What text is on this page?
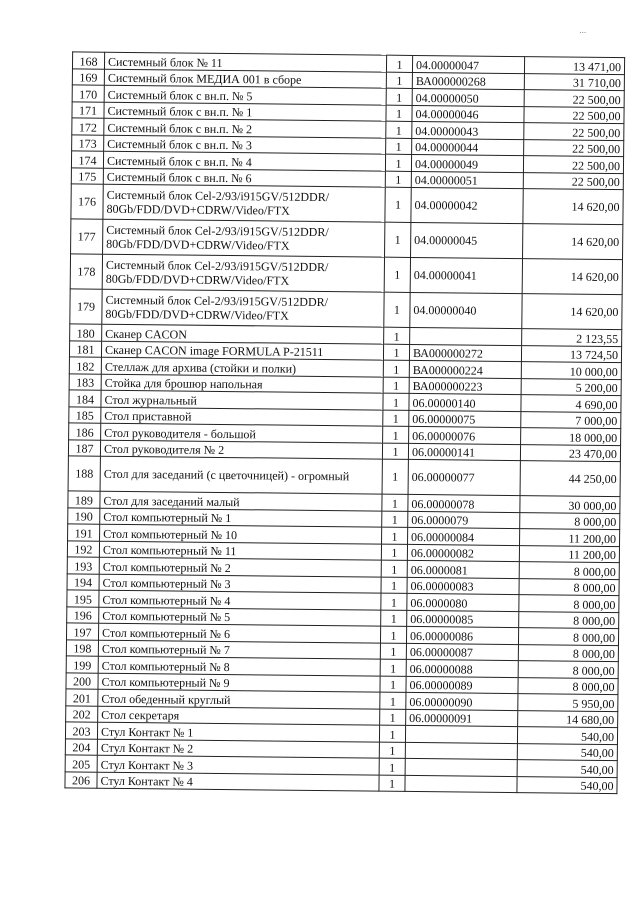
...
168	Системный блок № 11	1	04.00000047	13 471,00
169	Системный блок МЕДИА 001 в сборе	1	ВА000000268	31 710,00
170	Системный блок с вн.п. № 5	1	04.00000050	22 500,00
171	Системный блок с вн.п. № 1	1	04.00000046	22 500,00
172	Системный блок с вн.п. № 2	1	04.00000043	22 500,00
173	Системный блок с вн.п. № 3	1	04.00000044	22 500,00
174	Системный блок с вн.п. № 4	1	04.00000049	22 500,00
175	Системный блок с вн.п. № 6	1	04.00000051	22 500,00
176	Системный блок Cel-2/93/i915GV/512DDR/ 80Gb/FDD/DVD+CDRW/Video/FTX	1	04.00000042	14 620,00
177	Системный блок Cel-2/93/i915GV/512DDR/ 80Gb/FDD/DVD+CDRW/Video/FTX	1	04.00000045	14 620,00
178	Системный блок Cel-2/93/i915GV/512DDR/ 80Gb/FDD/DVD+CDRW/Video/FTX	1	04.00000041	14 620,00
179	Системный блок Cel-2/93/i915GV/512DDR/ 80Gb/FDD/DVD+CDRW/Video/FTX	1	04.00000040	14 620,00
180	Сканер CACON	1		2 123,55
181	Сканер CACON image FORMULA P-21511	1	ВА000000272	13 724,50
182	Стеллаж для архива (стойки и полки)	1	ВА000000224	10 000,00
183	Стойка для брошюр напольная	1	ВА000000223	5 200,00
184	Стол журнальный	1	06.00000140	4 690,00
185	Стол приставной	1	06.00000075	7 000,00
186	Стол руководителя - большой	1	06.00000076	18 000,00
187	Стол руководителя № 2	1	06.00000141	23 470,00
188	Стол для заседаний (с цветочницей) - огромный	1	06.00000077	44 250,00
189	Стол для заседаний малый	1	06.00000078	30 000,00
190	Стол компьютерный № 1	1	06.0000079	8 000,00
191	Стол компьютерный № 10	1	06.00000084	11 200,00
192	Стол компьютерный № 11	1	06.00000082	11 200,00
193	Стол компьютерный № 2	1	06.0000081	8 000,00
194	Стол компьютерный № 3	1	06.00000083	8 000,00
195	Стол компьютерный № 4	1	06.0000080	8 000,00
196	Стол компьютерный № 5	1	06.00000085	8 000,00
197	Стол компьютерный № 6	1	06.00000086	8 000,00
198	Стол компьютерный № 7	1	06.00000087	8 000,00
199	Стол компьютерный № 8	1	06.00000088	8 000,00
200	Стол компьютерный № 9	1	06.00000089	8 000,00
201	Стол обеденный круглый	1	06.00000090	5 950,00
202	Стол секретаря	1	06.00000091	14 680,00
203	Стул Контакт № 1	1		540,00
204	Стул Контакт № 2	1		540,00
205	Стул Контакт № 3	1		540,00
206	Стул Контакт № 4	1		540,00
